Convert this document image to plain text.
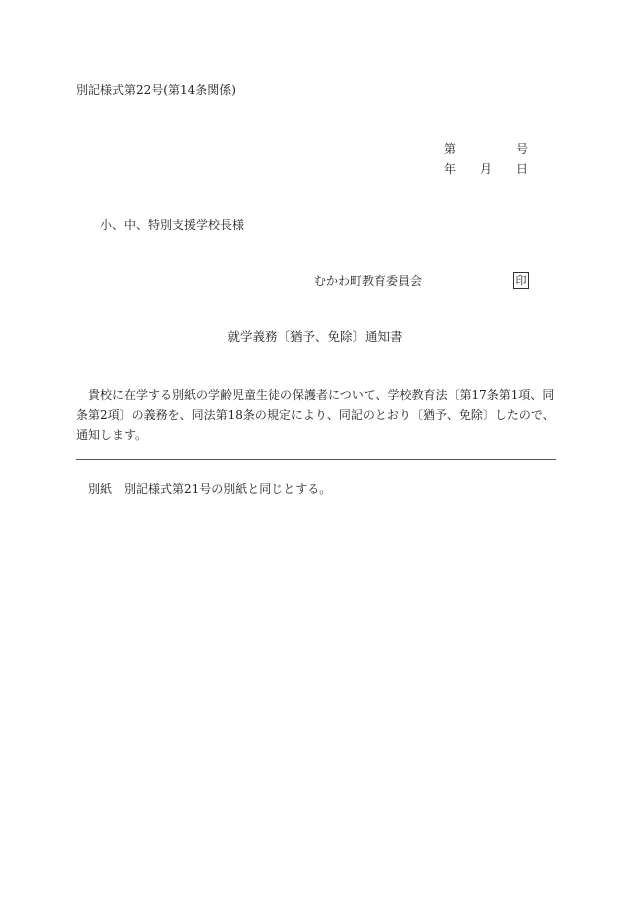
別記様式第22号(第14条関係)
第	号
年 月 日
小、中、特別支援学校長様
むかわ町教育委員会	印
就学義務〔猶予、免除〕通知書
貴校に在学する別紙の学齢児童生徒の保護者について、学校教育法〔第17条第1項、同条第2項〕の義務を、同法第18条の規定により、同記のとおり〔猶予、免除〕したので、通知します。
別紙 別記様式第21号の別紙と同じとする。
